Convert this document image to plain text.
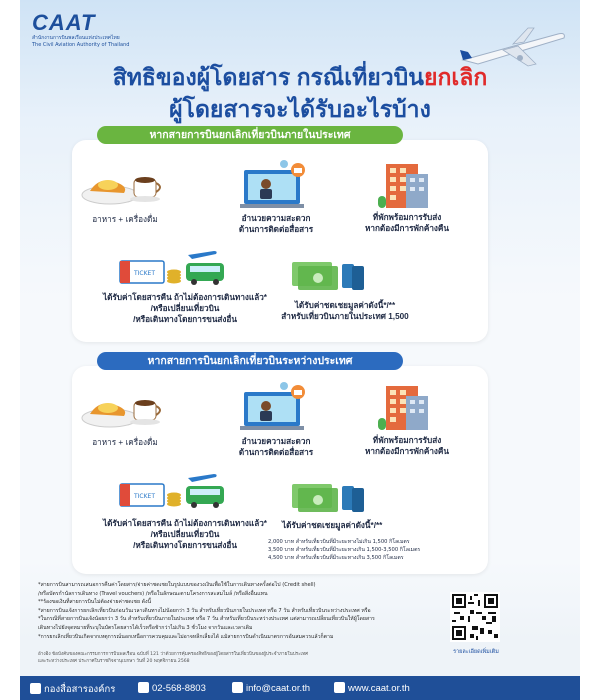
CAAT
สำนักงานการบินพลเรือนแห่งประเทศไทย
The Civil Aviation Authority of Thailand
สิทธิของผู้โดยสาร กรณีเที่ยวบินยกเลิก
ผู้โดยสารจะได้รับอะไรบ้าง
หากสายการบินยกเลิกเที่ยวบินภายในประเทศ
อาหาร + เครื่องดื่ม	อำนวยความสะดวก
ด้านการติดต่อสื่อสาร
ที่พักพร้อมการรับส่ง
หากต้องมีการพักค้างคืน
TICKET
ได้รับค่าโดยสารคืน ถ้าไม่ต้องการเดินทางแล้ว*
/หรือเปลี่ยนเที่ยวบิน
/หรือเดินทางโดยการขนส่งอื่น
ได้รับค่าชดเชยมูลค่าดังนี้*/**
สำหรับเที่ยวบินภายในประเทศ 1,500
หากสายการบินยกเลิกเที่ยวบินระหว่างประเทศ
อาหาร + เครื่องดื่ม	อำนวยความสะดวก
ด้านการติดต่อสื่อสาร
ที่พักพร้อมการรับส่ง
หากต้องมีการพักค้างคืน
TICKET
ได้รับค่าโดยสารคืน ถ้าไม่ต้องการเดินทางแล้ว*
/หรือเปลี่ยนเที่ยวบิน
/หรือเดินทางโดยการขนส่งอื่น
ได้รับค่าชดเชยมูลค่าดังนี้*/**
2,000 บาท สำหรับเที่ยวบินที่มีระยะทางไม่เกิน 1,500 กิโลเมตร
3,500 บาท สำหรับเที่ยวบินที่มีระยะทางเกิน 1,500-3,500 กิโลเมตร
4,500 บาท สำหรับเที่ยวบินที่มีระยะทางเกิน 3,500 กิโลเมตร
*สายการบินสามารถเสนอการคืนค่าโดยสาร/จ่ายค่าชดเชยในรูปแบบของวงเงินเพื่อใช้ในการเดินทางครั้งต่อไป (Credit shell)
/หรือบัตรกำนัลการเดินทาง (Travel vouchers) /หรือในลักษณะตามโครงการสะสมไมล์ /หรือสิ่งอื่นแทน
**ร้องขอเงินที่สายการบินไม่ต้องจ่ายค่าชดเชย ดังนี้
*สายการบินแจ้งการยกเลิกเที่ยวบินก่อนวันเวลาเดินทางไม่น้อยกว่า 3 วัน สำหรับเที่ยวบินภายในประเทศ หรือ 7 วัน สำหรับเที่ยวบินระหว่างประเทศ หรือ
*ในกรณีที่สายการบินแจ้งน้อยกว่า 3 วัน สำหรับเที่ยวบินภายในประเทศ หรือ 7 วัน สำหรับเที่ยวบินระหว่างประเทศ แต่สามารถเปลี่ยนเที่ยวบินให้ผู้โดยสาร
เดินทางไปยังจุดหมายที่ระบุในบัตรโดยสารได้เร็วหรือช้ากว่าไม่เกิน 3 ชั่วโมง จากวันและเวลาเดิม
*การยกเลิกเที่ยวบินเกิดจากเหตุการณ์นอกเหนือการควบคุมและไม่อาจหลีกเลี่ยงได้ แม้สายการบินดำเนินมาตรการอันสมควรแล้วก็ตาม
อ้างอิง ข้อบังคับของคณะกรรมการการบินพลเรือน ฉบับที่ 121 ว่าด้วยการคุ้มครองสิทธิของผู้โดยสารในเที่ยวบินของผู้ประจำภายในประเทศ
และระหว่างประเทศ ประกาศในราชกิจจานุเบกษา วันที่ 20 พฤศจิกายน 2568
รายละเอียดเพิ่มเติม
กองสื่อสารองค์กร	02-568-8803	info@caat.or.th	www.caat.or.th
